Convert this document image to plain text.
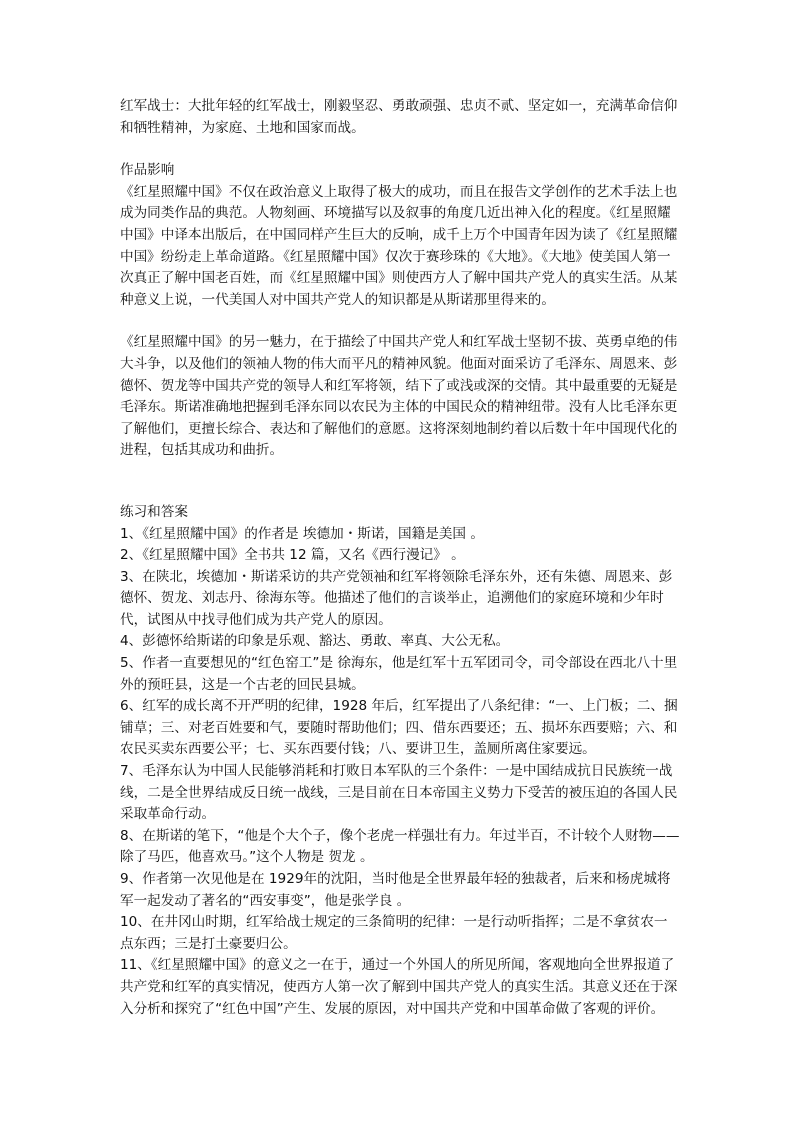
红军战士：大批年轻的红军战士，刚毅坚忍、勇敢顽强、忠贞不贰、坚定如一，充满革命信仰和牺牲精神，为家庭、土地和国家而战。

作品影响

《红星照耀中国》不仅在政治意义上取得了极大的成功，而且在报告文学创作的艺术手法上也成为同类作品的典范。人物刻画、环境描写以及叙事的角度几近出神入化的程度。《红星照耀中国》中译本出版后，在中国同样产生巨大的反响，成千上万个中国青年因为读了《红星照耀中国》纷纷走上革命道路。《红星照耀中国》仅次于赛珍珠的《大地》。《大地》使美国人第一次真正了解中国老百姓，而《红星照耀中国》则使西方人了解中国共产党人的真实生活。从某种意义上说，一代美国人对中国共产党人的知识都是从斯诺那里得来的。

《红星照耀中国》的另一魅力，在于描绘了中国共产党人和红军战士坚韧不拔、英勇卓绝的伟大斗争，以及他们的领袖人物的伟大而平凡的精神风貌。他面对面采访了毛泽东、周恩来、彭德怀、贺龙等中国共产党的领导人和红军将领，结下了或浅或深的交情。其中最重要的无疑是毛泽东。斯诺准确地把握到毛泽东同以农民为主体的中国民众的精神纽带。没有人比毛泽东更了解他们，更擅长综合、表达和了解他们的意愿。这将深刻地制约着以后数十年中国现代化的进程，包括其成功和曲折。

练习和答案

1、《红星照耀中国》的作者是 埃德加・斯诺，国籍是美国 。

2、《红星照耀中国》全书共 12 篇，又名《西行漫记》 。

3、在陕北，埃德加・斯诺采访的共产党领袖和红军将领除毛泽东外，还有朱德、周恩来、彭德怀、贺龙、刘志丹、徐海东等。他描述了他们的言谈举止，追溯他们的家庭环境和少年时代，试图从中找寻他们成为共产党人的原因。

4、彭德怀给斯诺的印象是乐观、豁达、勇敢、率真、大公无私。

5、作者一直要想见的“红色窑工”是 徐海东，他是红军十五军团司令，司令部设在西北八十里外的预旺县，这是一个古老的回民县城。

6、红军的成长离不开严明的纪律，1928 年后，红军提出了八条纪律：“一、上门板；二、捆铺草；三、对老百姓要和气，要随时帮助他们；四、借东西要还；五、损坏东西要赔；六、和农民买卖东西要公平；七、买东西要付钱；八、要讲卫生，盖厕所离住家要远。

7、毛泽东认为中国人民能够消耗和打败日本军队的三个条件：一是中国结成抗日民族统一战线，二是全世界结成反日统一战线，三是目前在日本帝国主义势力下受苦的被压迫的各国人民采取革命行动。

8、在斯诺的笔下，“他是个大个子，像个老虎一样强壮有力。年过半百，不计较个人财物——除了马匹，他喜欢马。”这个人物是 贺龙 。

9、作者第一次见他是在 1929年的沈阳，当时他是全世界最年轻的独裁者，后来和杨虎城将军一起发动了著名的“西安事变”，他是张学良 。

10、在井冈山时期，红军给战士规定的三条简明的纪律：一是行动听指挥；二是不拿贫农一点东西；三是打土豪要归公。

11、《红星照耀中国》的意义之一在于，通过一个外国人的所见所闻，客观地向全世界报道了共产党和红军的真实情况，使西方人第一次了解到中国共产党人的真实生活。其意义还在于深入分析和探究了“红色中国”产生、发展的原因，对中国共产党和中国革命做了客观的评价。
